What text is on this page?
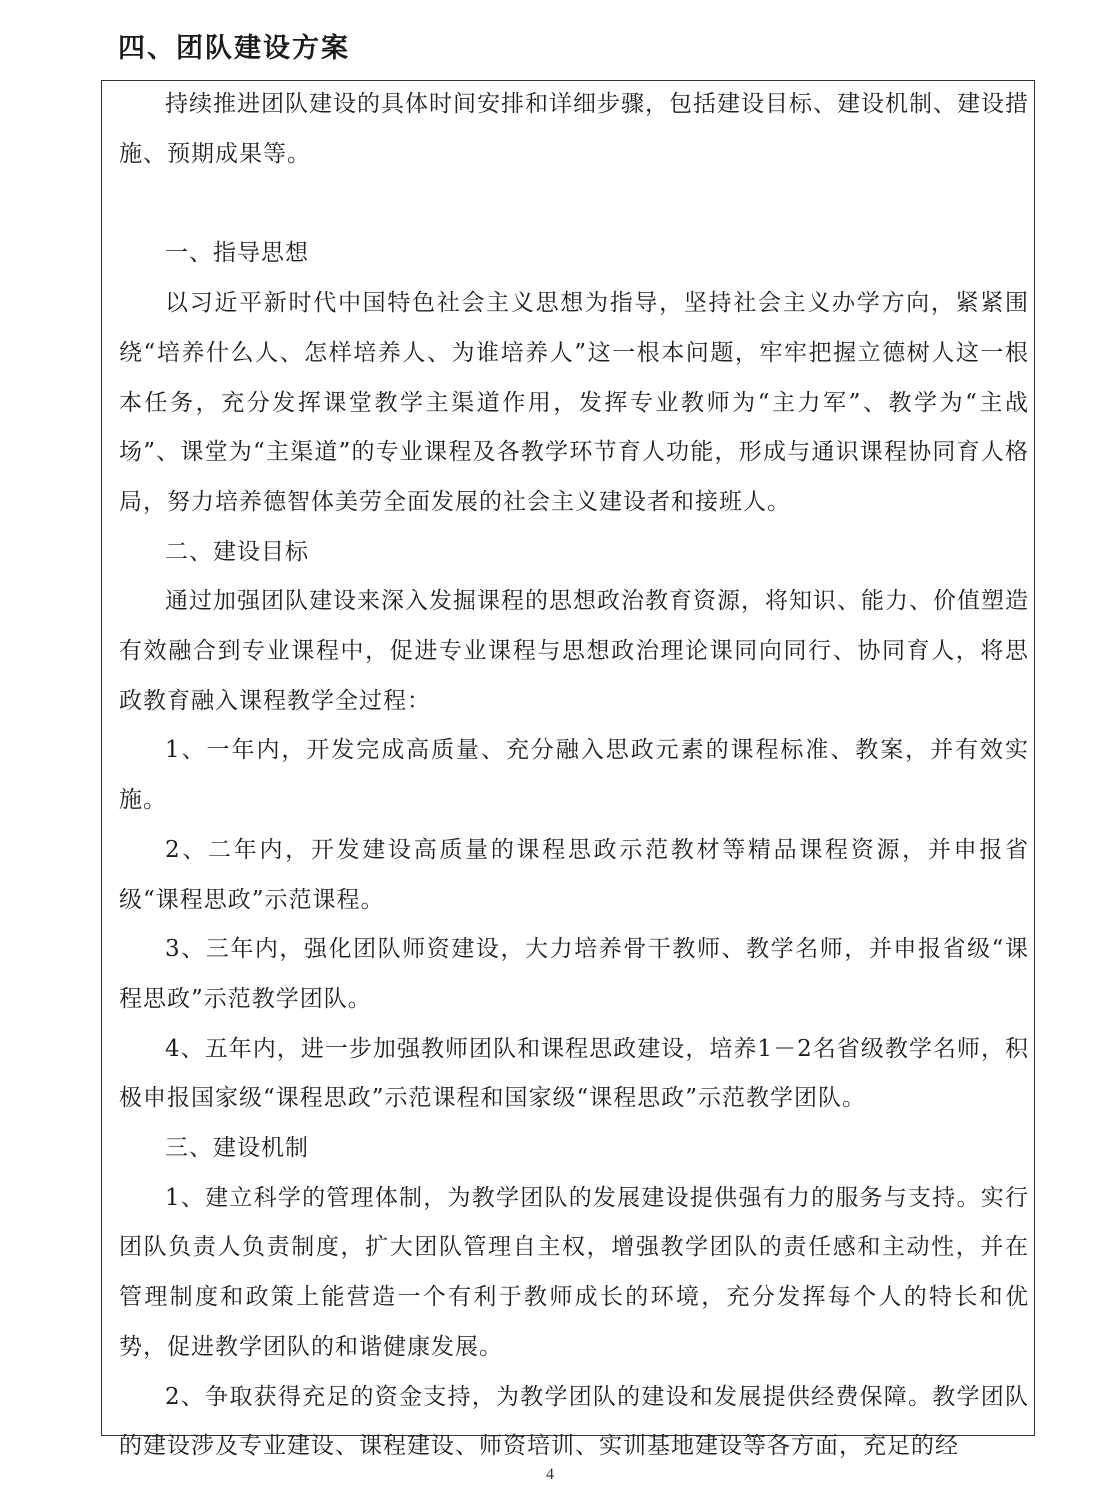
四、团队建设方案

持续推进团队建设的具体时间安排和详细步骤，包括建设目标、建设机制、建设措施、预期成果等。

一、指导思想

以习近平新时代中国特色社会主义思想为指导，坚持社会主义办学方向，紧紧围绕“培养什么人、怎样培养人、为谁培养人”这一根本问题，牢牢把握立德树人这一根本任务，充分发挥课堂教学主渠道作用，发挥专业教师为“主力军”、教学为“主战场”、课堂为“主渠道”的专业课程及各教学环节育人功能，形成与通识课程协同育人格局，努力培养德智体美劳全面发展的社会主义建设者和接班人。

二、建设目标

通过加强团队建设来深入发掘课程的思想政治教育资源，将知识、能力、价值塑造有效融合到专业课程中，促进专业课程与思想政治理论课同向同行、协同育人，将思政教育融入课程教学全过程：

1、一年内，开发完成高质量、充分融入思政元素的课程标准、教案，并有效实施。

2、二年内，开发建设高质量的课程思政示范教材等精品课程资源，并申报省级“课程思政”示范课程。

3、三年内，强化团队师资建设，大力培养骨干教师、教学名师，并申报省级“课程思政”示范教学团队。

4、五年内，进一步加强教师团队和课程思政建设，培养1－2名省级教学名师，积极申报国家级“课程思政”示范课程和国家级“课程思政”示范教学团队。

三、建设机制

1、建立科学的管理体制，为教学团队的发展建设提供强有力的服务与支持。实行团队负责人负责制度，扩大团队管理自主权，增强教学团队的责任感和主动性，并在管理制度和政策上能营造一个有利于教师成长的环境，充分发挥每个人的特长和优势，促进教学团队的和谐健康发展。

2、争取获得充足的资金支持，为教学团队的建设和发展提供经费保障。教学团队的建设涉及专业建设、课程建设、师资培训、实训基地建设等各方面，充足的经

4
